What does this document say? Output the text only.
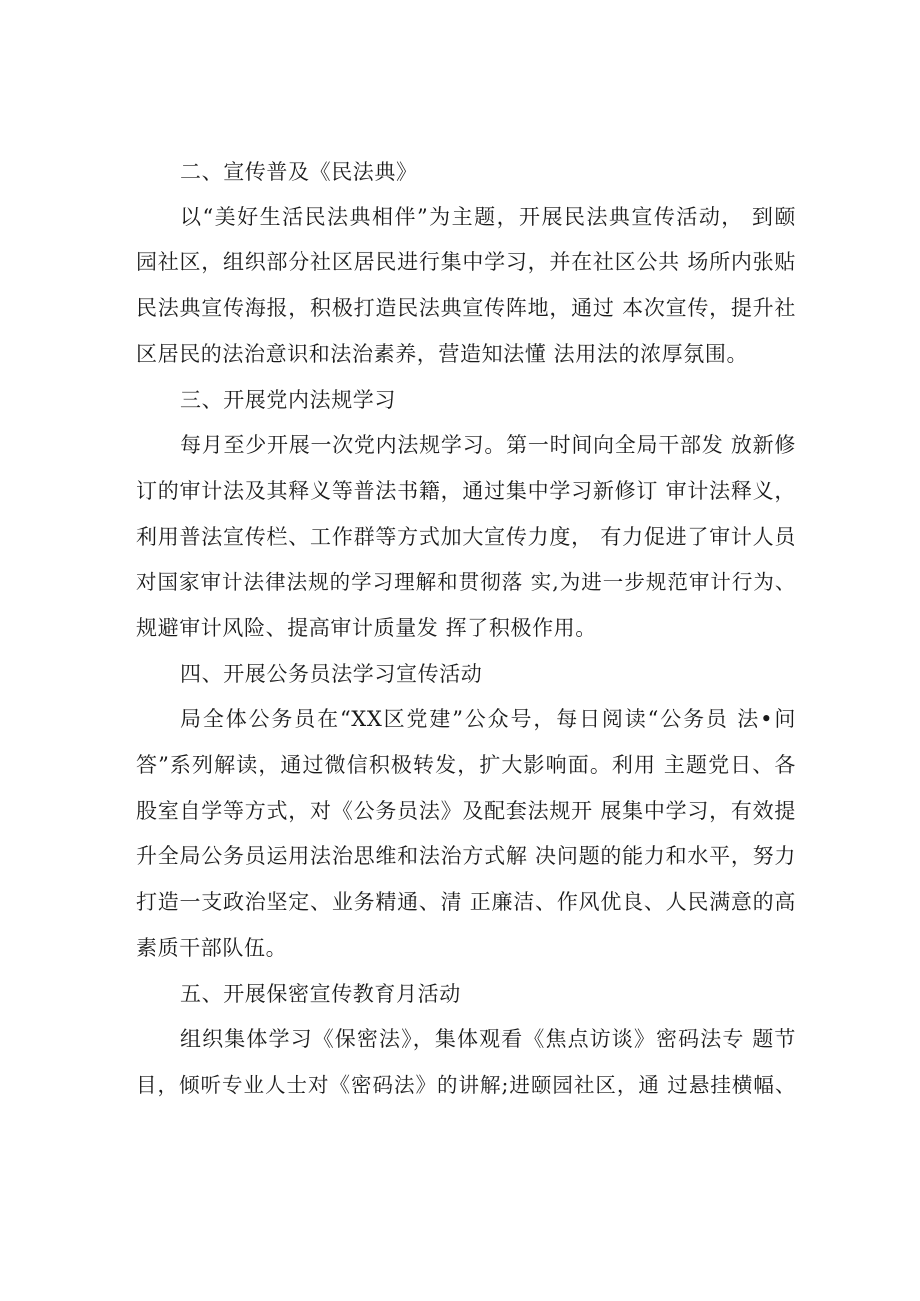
二、宣传普及《民法典》
以“美好生活民法典相伴”为主题，开展民法典宣传活动， 到颐
园社区，组织部分社区居民进行集中学习，并在社区公共 场所内张贴
民法典宣传海报，积极打造民法典宣传阵地，通过 本次宣传，提升社
区居民的法治意识和法治素养，营造知法懂 法用法的浓厚氛围。
三、开展党内法规学习
每月至少开展一次党内法规学习。第一时间向全局干部发 放新修
订的审计法及其释义等普法书籍，通过集中学习新修订 审计法释义，
利用普法宣传栏、工作群等方式加大宣传力度， 有力促进了审计人员
对国家审计法律法规的学习理解和贯彻落 实,为进一步规范审计行为、
规避审计风险、提高审计质量发 挥了积极作用。
四、开展公务员法学习宣传活动
局全体公务员在“XX区党建”公众号，每日阅读“公务员 法•问
答”系列解读，通过微信积极转发，扩大影响面。利用 主题党日、各
股室自学等方式，对《公务员法》及配套法规开 展集中学习，有效提
升全局公务员运用法治思维和法治方式解 决问题的能力和水平，努力
打造一支政治坚定、业务精通、清 正廉洁、作风优良、人民满意的高
素质干部队伍。
五、开展保密宣传教育月活动
组织集体学习《保密法》，集体观看《焦点访谈》密码法专 题节
目，倾听专业人士对《密码法》的讲解;进颐园社区，通 过悬挂横幅、
